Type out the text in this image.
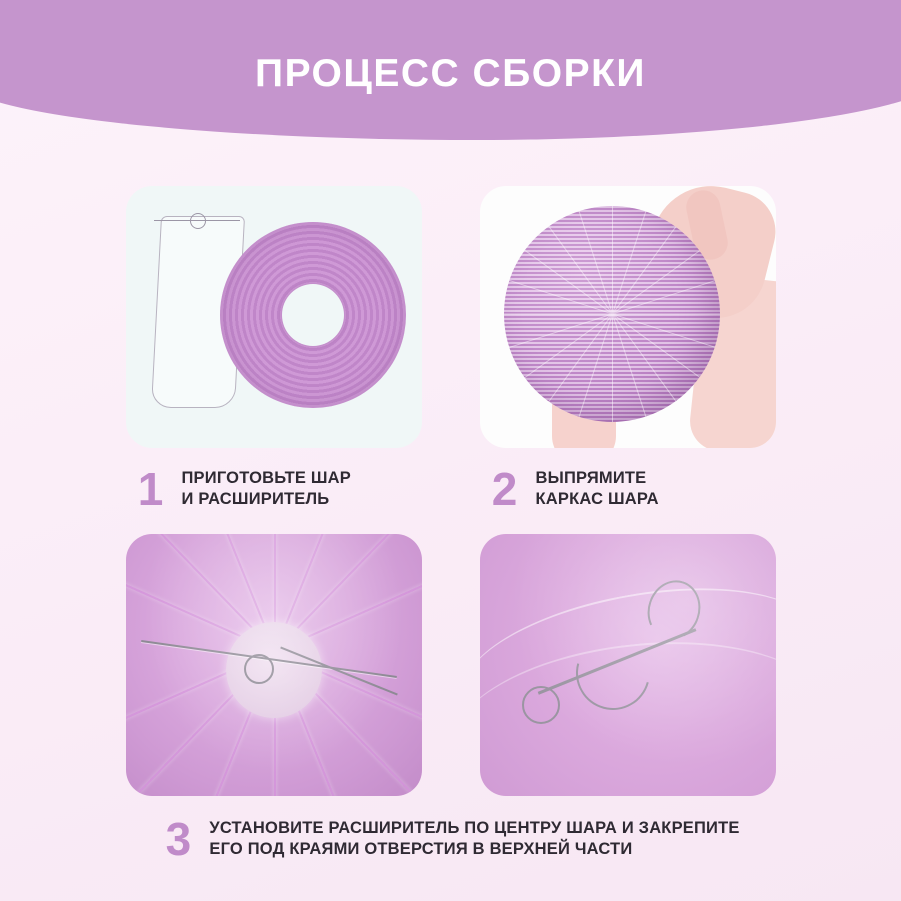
ПРОЦЕСС СБОРКИ
1 ПРИГОТОВЬТЕ ШАР
И РАСШИРИТЕЛЬ	2 ВЫПРЯМИТЕ
КАРКАС ШАРА
3 УСТАНОВИТЕ РАСШИРИТЕЛЬ ПО ЦЕНТРУ ШАРА И ЗАКРЕПИТЕ
ЕГО ПОД КРАЯМИ ОТВЕРСТИЯ В ВЕРХНЕЙ ЧАСТИ
